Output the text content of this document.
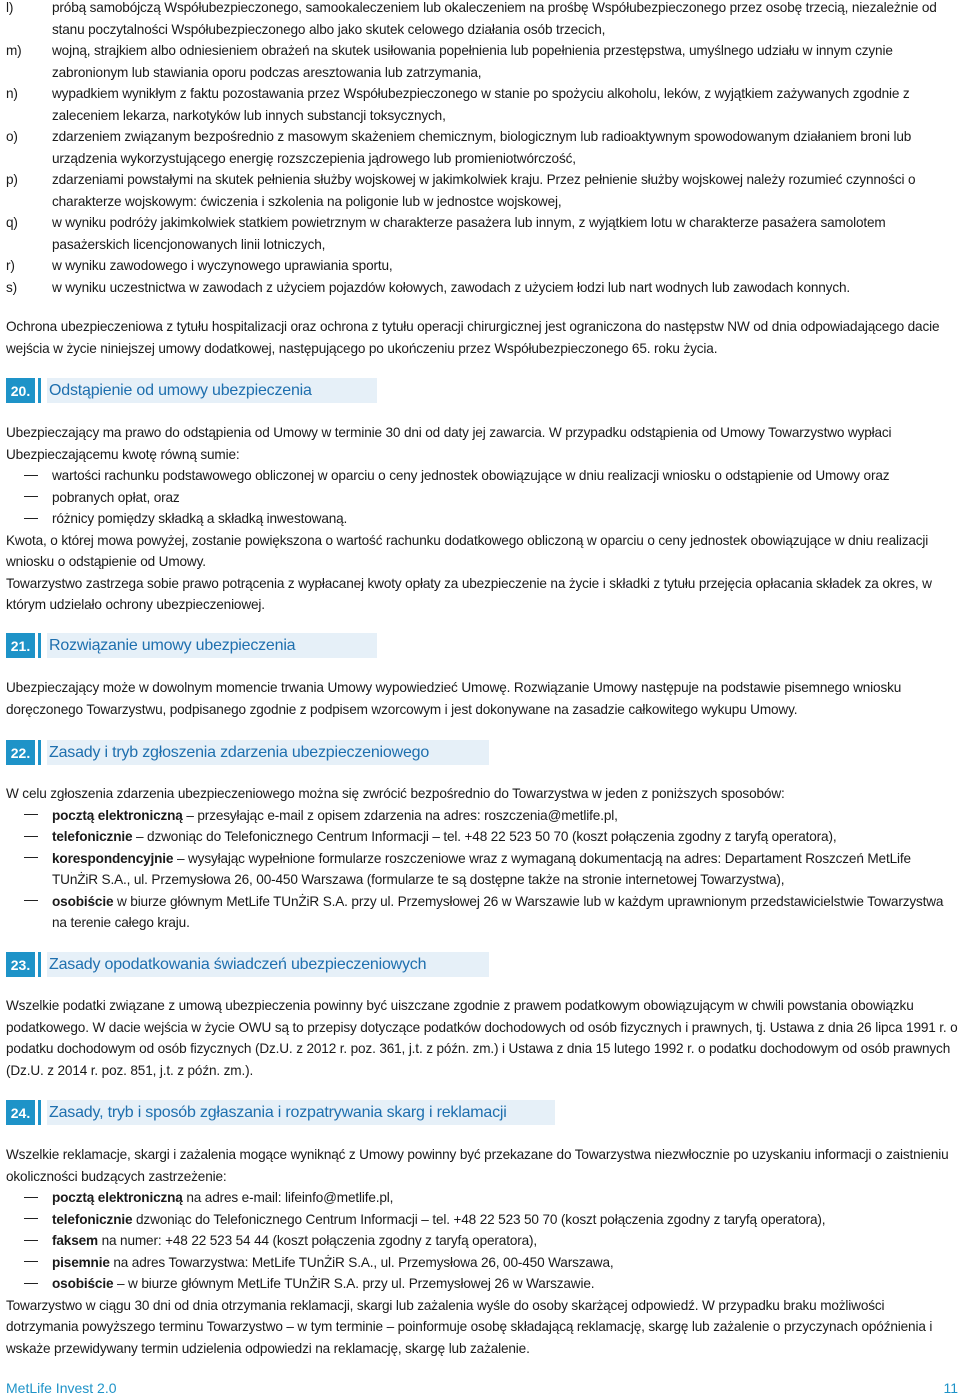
l)	próbą samobójczą Współubezpieczonego, samookaleczeniem lub okaleczeniem na prośbę Współubezpieczonego przez osobę trzecią, niezależnie od stanu poczytalności Współubezpieczonego albo jako skutek celowego działania osób trzecich,
m)	wojną, strajkiem albo odniesieniem obrażeń na skutek usiłowania popełnienia lub popełnienia przestępstwa, umyślnego udziału w innym czynie zabronionym lub stawiania oporu podczas aresztowania lub zatrzymania,
n)	wypadkiem wynikłym z faktu pozostawania przez Współubezpieczonego w stanie po spożyciu alkoholu, leków, z wyjątkiem zażywanych zgodnie z zaleceniem lekarza, narkotyków lub innych substancji toksycznych,
o)	zdarzeniem związanym bezpośrednio z masowym skażeniem chemicznym, biologicznym lub radioaktywnym spowodowanym działaniem broni lub urządzenia wykorzystującego energię rozszczepienia jądrowego lub promieniotwórczość,
p)	zdarzeniami powstałymi na skutek pełnienia służby wojskowej w jakimkolwiek kraju. Przez pełnienie służby wojskowej należy rozumieć czynności o charakterze wojskowym: ćwiczenia i szkolenia na poligonie lub w jednostce wojskowej,
q)	w wyniku podróży jakimkolwiek statkiem powietrznym w charakterze pasażera lub innym, z wyjątkiem lotu w charakterze pasażera samolotem pasażerskich licencjonowanych linii lotniczych,
r)	w wyniku zawodowego i wyczynowego uprawiania sportu,
s)	w wyniku uczestnictwa w zawodach z użyciem pojazdów kołowych, zawodach z użyciem łodzi lub nart wodnych lub zawodach konnych.
Ochrona ubezpieczeniowa z tytułu hospitalizacji oraz ochrona z tytułu operacji chirurgicznej jest ograniczona do następstw NW od dnia odpowiadającego dacie wejścia w życie niniejszej umowy dodatkowej, następującego po ukończeniu przez Współubezpieczonego 65. roku życia.
20. Odstąpienie od umowy ubezpieczenia
Ubezpieczający ma prawo do odstąpienia od Umowy w terminie 30 dni od daty jej zawarcia. W przypadku odstąpienia od Umowy Towarzystwo wypłaci Ubezpieczającemu kwotę równą sumie:
wartości rachunku podstawowego obliczonej w oparciu o ceny jednostek obowiązujące w dniu realizacji wniosku o odstąpienie od Umowy oraz
pobranych opłat, oraz
różnicy pomiędzy składką a składką inwestowaną.
Kwota, o której mowa powyżej, zostanie powiększona o wartość rachunku dodatkowego obliczoną w oparciu o ceny jednostek obowiązujące w dniu realizacji wniosku o odstąpienie od Umowy.
Towarzystwo zastrzega sobie prawo potrącenia z wypłacanej kwoty opłaty za ubezpieczenie na życie i składki z tytułu przejęcia opłacania składek za okres, w którym udzielało ochrony ubezpieczeniowej.
21. Rozwiązanie umowy ubezpieczenia
Ubezpieczający może w dowolnym momencie trwania Umowy wypowiedzieć Umowę. Rozwiązanie Umowy następuje na podstawie pisemnego wniosku doręczonego Towarzystwu, podpisanego zgodnie z podpisem wzorcowym i jest dokonywane na zasadzie całkowitego wykupu Umowy.
22. Zasady i tryb zgłoszenia zdarzenia ubezpieczeniowego
W celu zgłoszenia zdarzenia ubezpieczeniowego można się zwrócić bezpośrednio do Towarzystwa w jeden z poniższych sposobów:
pocztą elektroniczną – przesyłając e-mail z opisem zdarzenia na adres: roszczenia@metlife.pl,
telefonicznie – dzwoniąc do Telefonicznego Centrum Informacji – tel. +48 22 523 50 70 (koszt połączenia zgodny z taryfą operatora),
korespondencyjnie – wysyłając wypełnione formularze roszczeniowe wraz z wymaganą dokumentacją na adres: Departament Roszczeń MetLife TUnŻiR S.A., ul. Przemysłowa 26, 00-450 Warszawa (formularze te są dostępne także na stronie internetowej Towarzystwa),
osobiście w biurze głównym MetLife TUnŻiR S.A. przy ul. Przemysłowej 26 w Warszawie lub w każdym uprawnionym przedstawicielstwie Towarzystwa na terenie całego kraju.
23. Zasady opodatkowania świadczeń ubezpieczeniowych
Wszelkie podatki związane z umową ubezpieczenia powinny być uiszczane zgodnie z prawem podatkowym obowiązującym w chwili powstania obowiązku podatkowego. W dacie wejścia w życie OWU są to przepisy dotyczące podatków dochodowych od osób fizycznych i prawnych, tj. Ustawa z dnia 26 lipca 1991 r. o podatku dochodowym od osób fizycznych (Dz.U. z 2012 r. poz. 361, j.t. z późn. zm.) i Ustawa z dnia 15 lutego 1992 r. o podatku dochodowym od osób prawnych (Dz.U. z 2014 r. poz. 851, j.t. z późn. zm.).
24. Zasady, tryb i sposób zgłaszania i rozpatrywania skarg i reklamacji
Wszelkie reklamacje, skargi i zażalenia mogące wyniknąć z Umowy powinny być przekazane do Towarzystwa niezwłocznie po uzyskaniu informacji o zaistnieniu okoliczności budzących zastrzeżenie:
pocztą elektroniczną na adres e-mail: lifeinfo@metlife.pl,
telefonicznie dzwoniąc do Telefonicznego Centrum Informacji – tel. +48 22 523 50 70 (koszt połączenia zgodny z taryfą operatora),
faksem na numer: +48 22 523 54 44 (koszt połączenia zgodny z taryfą operatora),
pisemnie na adres Towarzystwa: MetLife TUnŻiR S.A., ul. Przemysłowa 26, 00-450 Warszawa,
osobiście – w biurze głównym MetLife TUnŻiR S.A. przy ul. Przemysłowej 26 w Warszawie.
Towarzystwo w ciągu 30 dni od dnia otrzymania reklamacji, skargi lub zażalenia wyśle do osoby skarżącej odpowiedź. W przypadku braku możliwości dotrzymania powyższego terminu Towarzystwo – w tym terminie – poinformuje osobę składającą reklamację, skargę lub zażalenie o przyczynach opóźnienia i wskaże przewidywany termin udzielenia odpowiedzi na reklamację, skargę lub zażalenie.
MetLife Invest 2.0	11
